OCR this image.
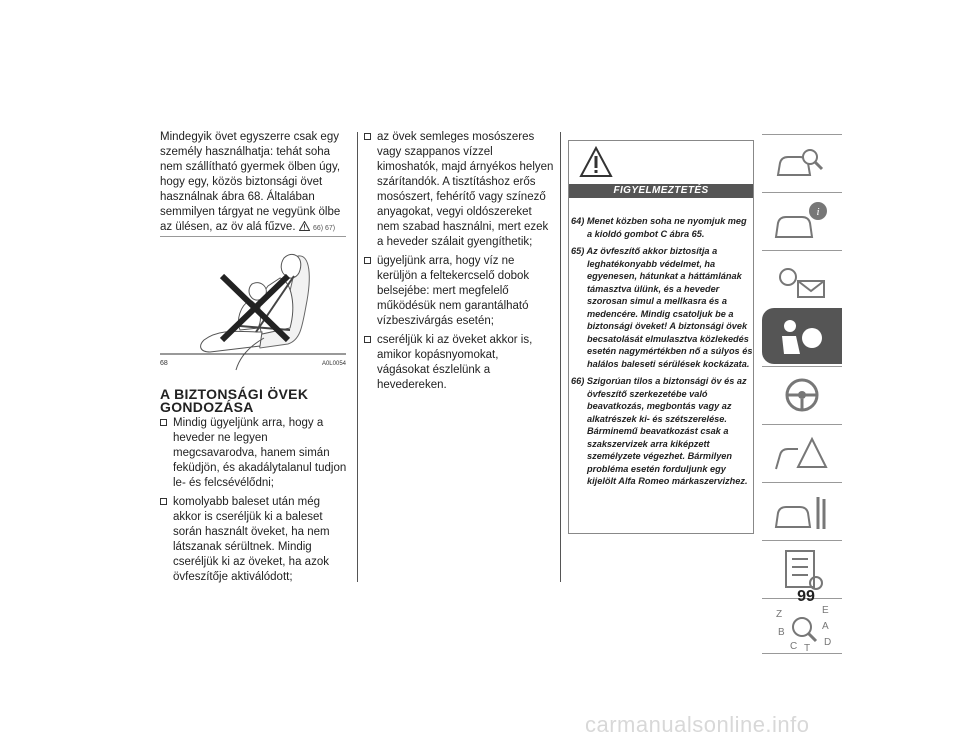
Mindegyik övet egyszerre csak egy személy használhatja: tehát soha nem szállítható gyermek ölben úgy, hogy egy, közös biztonsági övet használnak ábra 68. Általában semmilyen tárgyat ne vegyünk ölbe az ülésen, az öv alá fűzve. 66) 67)

68	A0L0054
A BIZTONSÁGI ÖVEK GONDOZÁSA
Mindig ügyeljünk arra, hogy a heveder ne legyen megcsavarodva, hanem simán feküdjön, és akadálytalanul tudjon le- és felcsévélődni;
komolyabb baleset után még akkor is cseréljük ki a baleset során használt öveket, ha nem látszanak sérültnek. Mindig cseréljük ki az öveket, ha azok övfeszítője aktiválódott;
az övek semleges mosószeres vagy szappanos vízzel kimoshatók, majd árnyékos helyen szárítandók. A tisztításhoz erős mosószert, fehérítő vagy színező anyagokat, vegyi oldószereket nem szabad használni, mert ezek a heveder szálait gyengíthetik;
ügyeljünk arra, hogy víz ne kerüljön a feltekercselő dobok belsejébe: mert megfelelő működésük nem garantálható vízbeszivárgás esetén;
cseréljük ki az öveket akkor is, amikor kopásnyomokat, vágásokat észlelünk a hevedereken.
FIGYELMEZTETÉS

64) Menet közben soha ne nyomjuk meg a kioldó gombot C ábra 65.

65) Az övfeszítő akkor biztosítja a leghatékonyabb védelmet, ha egyenesen, hátunkat a háttámlának támasztva ülünk, és a heveder szorosan simul a mellkasra és a medencére. Mindig csatoljuk be a biztonsági öveket! A biztonsági övek becsatolását elmulasztva közlekedés esetén nagymértékben nő a súlyos és halálos baleseti sérülések kockázata.

66) Szigorúan tilos a biztonsági öv és az övfeszítő szerkezetébe való beavatkozás, megbontás vagy az alkatrészek ki- és szétszerelése. Bárminemű beavatkozást csak a szakszervizek arra kiképzett személyzete végezhet. Bármilyen probléma esetén forduljunk egy kijelölt Alfa Romeo márkaszervizhez.

i
Z	E
B
A
C	D
T
99
carmanualsonline.info
